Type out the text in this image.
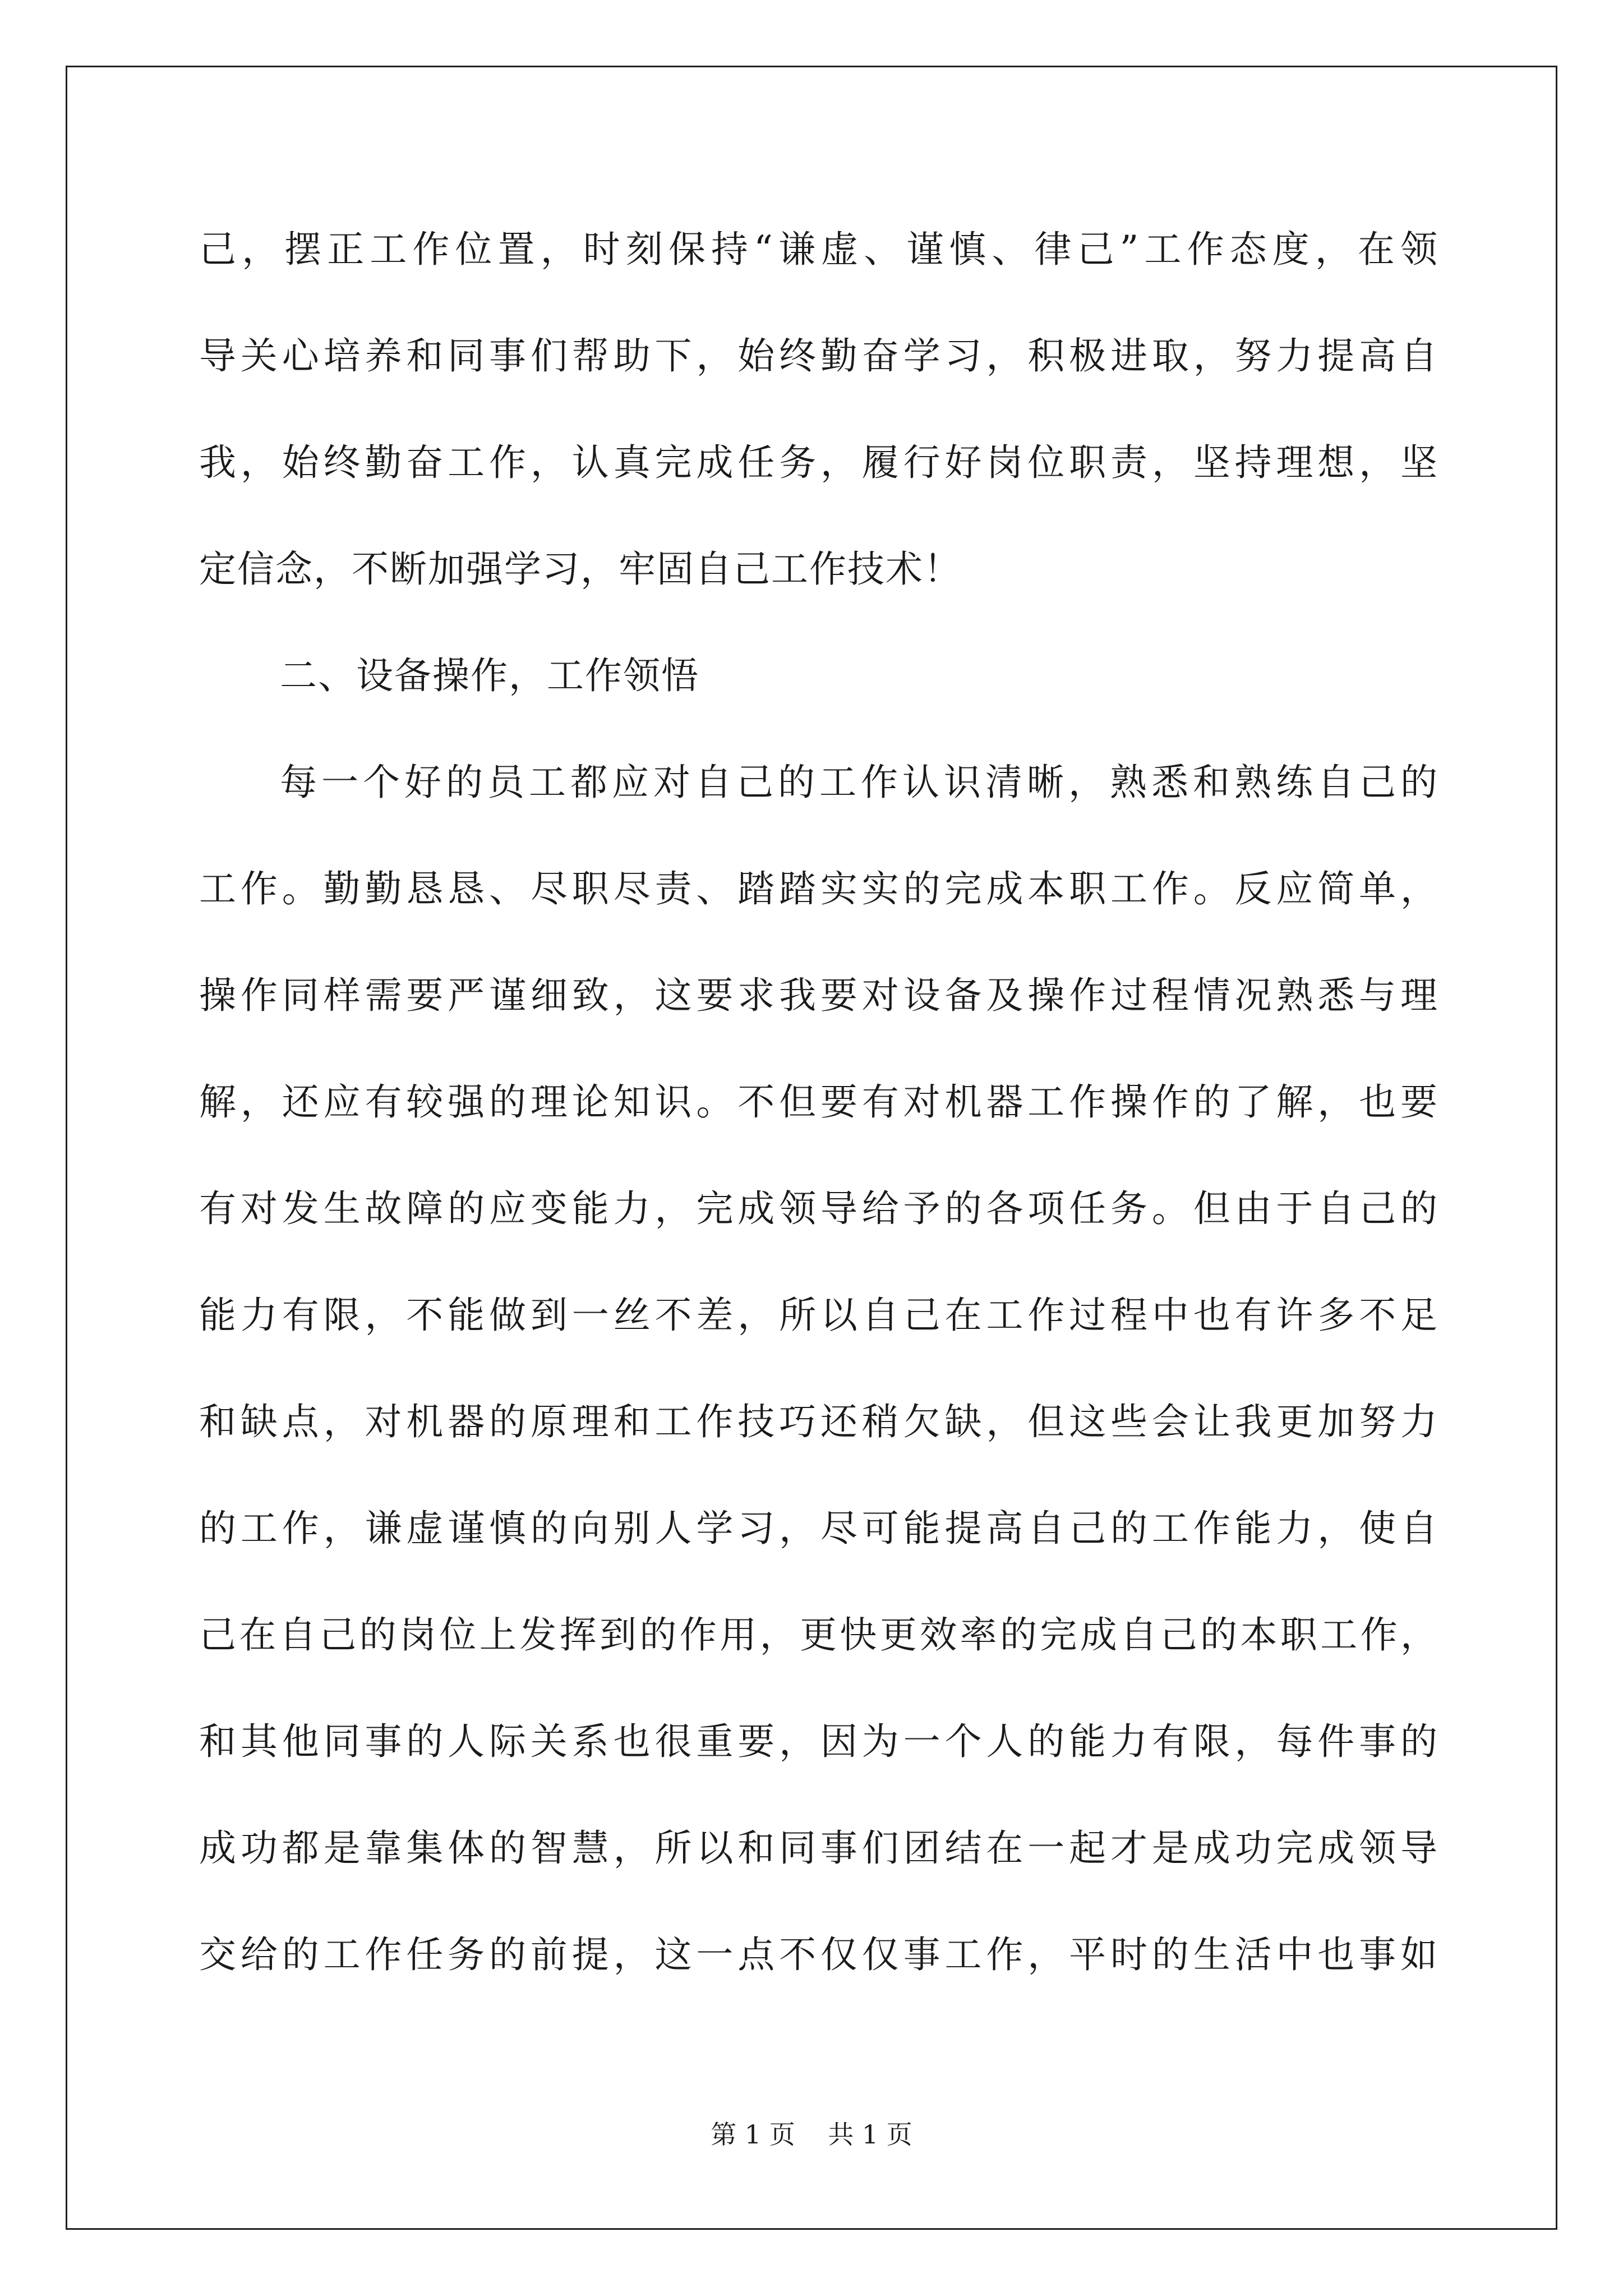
己，摆正工作位置，时刻保持“谦虚、谨慎、律己”工作态度，在领
导关心培养和同事们帮助下，始终勤奋学习，积极进取，努力提高自
我，始终勤奋工作，认真完成任务，履行好岗位职责，坚持理想，坚
定信念，不断加强学习，牢固自己工作技术！
二、设备操作，工作领悟
每一个好的员工都应对自己的工作认识清晰，熟悉和熟练自己的
工作。勤勤恳恳、尽职尽责、踏踏实实的完成本职工作。反应简单，
操作同样需要严谨细致，这要求我要对设备及操作过程情况熟悉与理
解，还应有较强的理论知识。不但要有对机器工作操作的了解，也要
有对发生故障的应变能力，完成领导给予的各项任务。但由于自己的
能力有限，不能做到一丝不差，所以自己在工作过程中也有许多不足
和缺点，对机器的原理和工作技巧还稍欠缺，但这些会让我更加努力
的工作，谦虚谨慎的向别人学习，尽可能提高自己的工作能力，使自
己在自己的岗位上发挥到的作用，更快更效率的完成自己的本职工作，
和其他同事的人际关系也很重要，因为一个人的能力有限，每件事的
成功都是靠集体的智慧，所以和同事们团结在一起才是成功完成领导
交给的工作任务的前提，这一点不仅仅事工作，平时的生活中也事如
第 1 页 共 1 页
